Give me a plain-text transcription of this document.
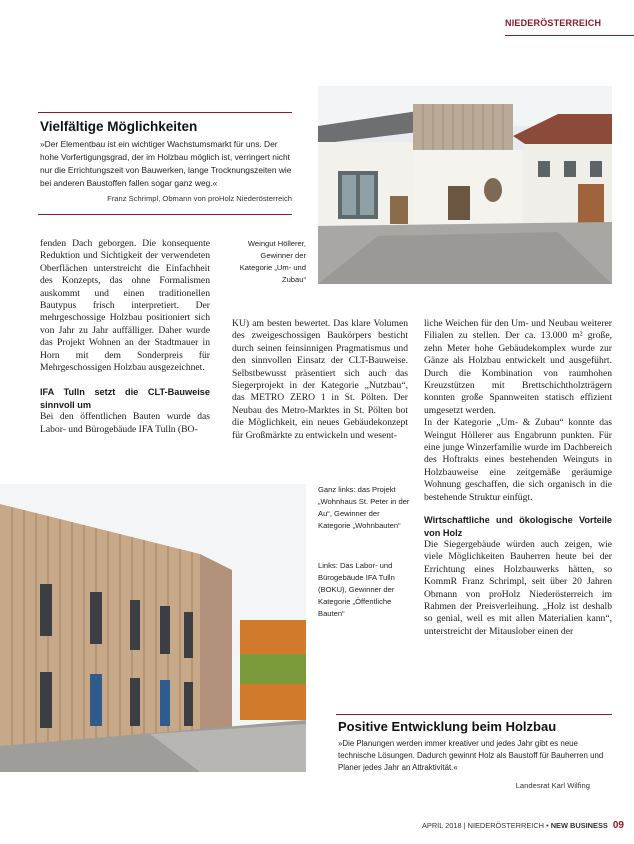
NIEDERÖSTERREICH
Vielfältige Möglichkeiten
»Der Elementbau ist ein wichtiger Wachstumsmarkt für uns. Der hohe Vorfertigungsgrad, der im Holzbau möglich ist, verringert nicht nur die Errichtungszeit von Bauwerken, lange Trocknungszeiten wie bei anderen Baustoffen fallen sogar ganz weg.«
Franz Schrimpl, Obmann von proHolz Niederösterreich
Weingut Höllerer, Gewinner der Kategorie „Um- und Zubau“

fenden Dach geborgen. Die konsequente Reduktion und Sichtigkeit der verwendeten Oberflächen unterstreicht die Einfachheit des Konzepts, das ohne Formalismen auskommt und einen traditionellen Bautypus frisch interpretiert. Der mehrgeschossige Holzbau positioniert sich von Jahr zu Jahr auffälliger. Daher wurde das Projekt Wohnen an der Stadtmauer in Horn mit dem Sonderpreis für Mehrgeschossigen Holzbau ausgezeichnet.

IFA Tulln setzt die CLT-Bauweise sinnvoll um

Bei den öffentlichen Bauten wurde das Labor- und Bürogebäude IFA Tulln (BO-

KU) am besten bewertet. Das klare Volumen des zweigeschossigen Baukörpers besticht durch seinen feinsinnigen Pragmatismus und den sinnvollen Einsatz der CLT-Bauweise. Selbstbewusst präsentiert sich auch das Siegerprojekt in der Kategorie „Nutzbau“, das METRO ZERO 1 in St. Pölten. Der Neubau des Metro-Marktes in St. Pölten bot die Möglichkeit, ein neues Gebäudekonzept für Großmärkte zu entwickeln und wesent-

liche Weichen für den Um- und Neubau weiterer Filialen zu stellen. Der ca. 13.000 m² große, zehn Meter hohe Gebäudekomplex wurde zur Gänze als Holzbau entwickelt und ausgeführt. Durch die Kombination von raumhohen Kreuzstützen mit Brettschichtholzträgern konnten große Spannweiten statisch effizient umgesetzt werden.

In der Kategorie „Um- & Zubau“ konnte das Weingut Höllerer aus Engabrunn punkten. Für eine junge Winzerfamilie wurde im Dachbereich des Hoftrakts eines bestehenden Weinguts in Holzbauweise eine zeitgemäße geräumige Wohnung geschaffen, die sich organisch in die bestehende Struktur einfügt.

Wirtschaftliche und ökologische Vorteile von Holz

Die Siegergebäude würden auch zeigen, wie viele Möglichkeiten Bauherren heute bei der Errichtung eines Holzbauwerks hätten, so KommR Franz Schrimpl, seit über 20 Jahren Obmann von proHolz Niederösterreich im Rahmen der Preisverleihung. „Holz ist deshalb so genial, weil es mit allen Materialien kann“, unterstreicht der Mitauslober einen der

Ganz links: das Projekt „Wohnhaus St. Peter in der Au“, Gewinner der Kategorie „Wohnbauten“
Links: Das Labor- und Bürogebäude IFA Tulln (BOKU), Gewinner der Kategorie „Öffentliche Bauten“
Positive Entwicklung beim Holzbau
»Die Planungen werden immer kreativer und jedes Jahr gibt es neue technische Lösungen. Dadurch gewinnt Holz als Baustoff für Bauherren und Planer jedes Jahr an Attraktivität.«
Landesrat Karl Wilfing
APRIL 2018 | NIEDERÖSTERREICH • NEW BUSINESS 09
